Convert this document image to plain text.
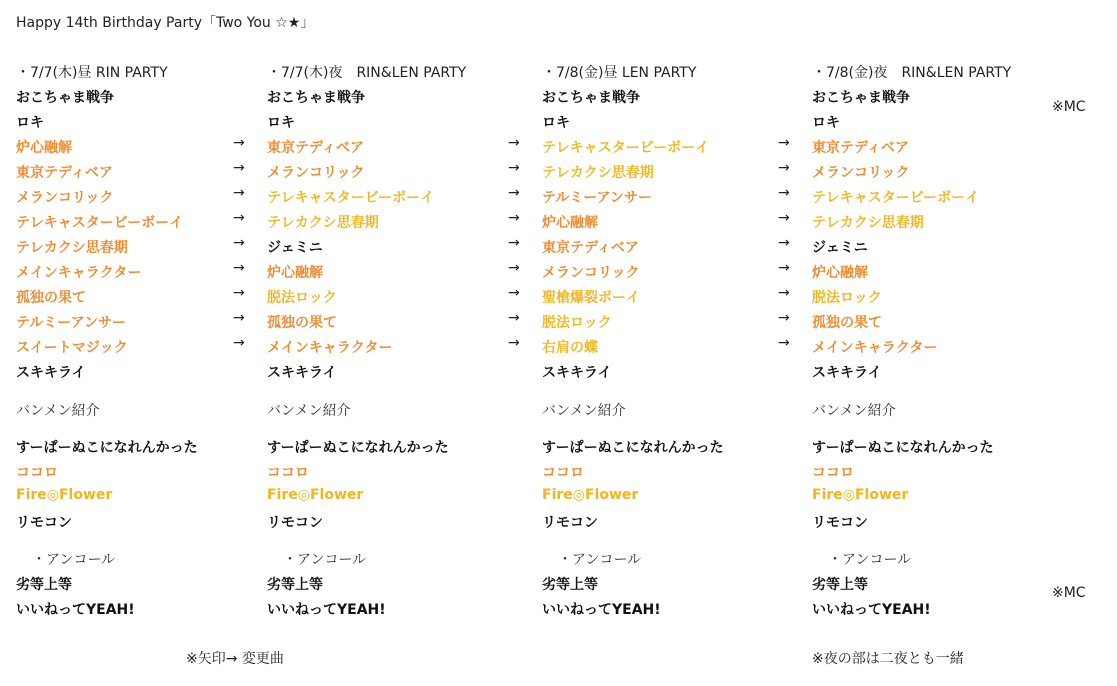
Happy 14th Birthday Party「Two You ☆★」
・7/7(木)昼 RIN PARTY
おこちゃま戦争
ロキ
炉心融解
東京テディベア
メランコリック
テレキャスタービーボーイ
テレカクシ思春期
メインキャラクター
孤独の果て
テルミーアンサー
スイートマジック
スキキライ
バンメン紹介
すーぱーぬこになれんかった
ココロ
Fire◎Flower
リモコン
・アンコール
劣等上等
いいねってYEAH!
→
→
→
→
→
→
→
→
→
・7/7(木)夜　RIN&LEN PARTY
おこちゃま戦争
ロキ
東京テディベア
メランコリック
テレキャスタービーボーイ
テレカクシ思春期
ジェミニ
炉心融解
脱法ロック
孤独の果て
メインキャラクター
スキキライ
バンメン紹介
すーぱーぬこになれんかった
ココロ
Fire◎Flower
リモコン
・アンコール
劣等上等
いいねってYEAH!
→
→
→
→
→
→
→
→
→
・7/8(金)昼 LEN PARTY
おこちゃま戦争
ロキ
テレキャスタービーボーイ
テレカクシ思春期
テルミーアンサー
炉心融解
東京テディベア
メランコリック
聖槍爆裂ボーイ
脱法ロック
右肩の蝶
スキキライ
バンメン紹介
すーぱーぬこになれんかった
ココロ
Fire◎Flower
リモコン
・アンコール
劣等上等
いいねってYEAH!
→
→
→
→
→
→
→
→
→
・7/8(金)夜　RIN&LEN PARTY
おこちゃま戦争
ロキ
東京テディベア
メランコリック
テレキャスタービーボーイ
テレカクシ思春期
ジェミニ
炉心融解
脱法ロック
孤独の果て
メインキャラクター
スキキライ
バンメン紹介
すーぱーぬこになれんかった
ココロ
Fire◎Flower
リモコン
・アンコール
劣等上等
いいねってYEAH!
※MC
※MC
※矢印→ 変更曲	※夜の部は二夜とも一緒
